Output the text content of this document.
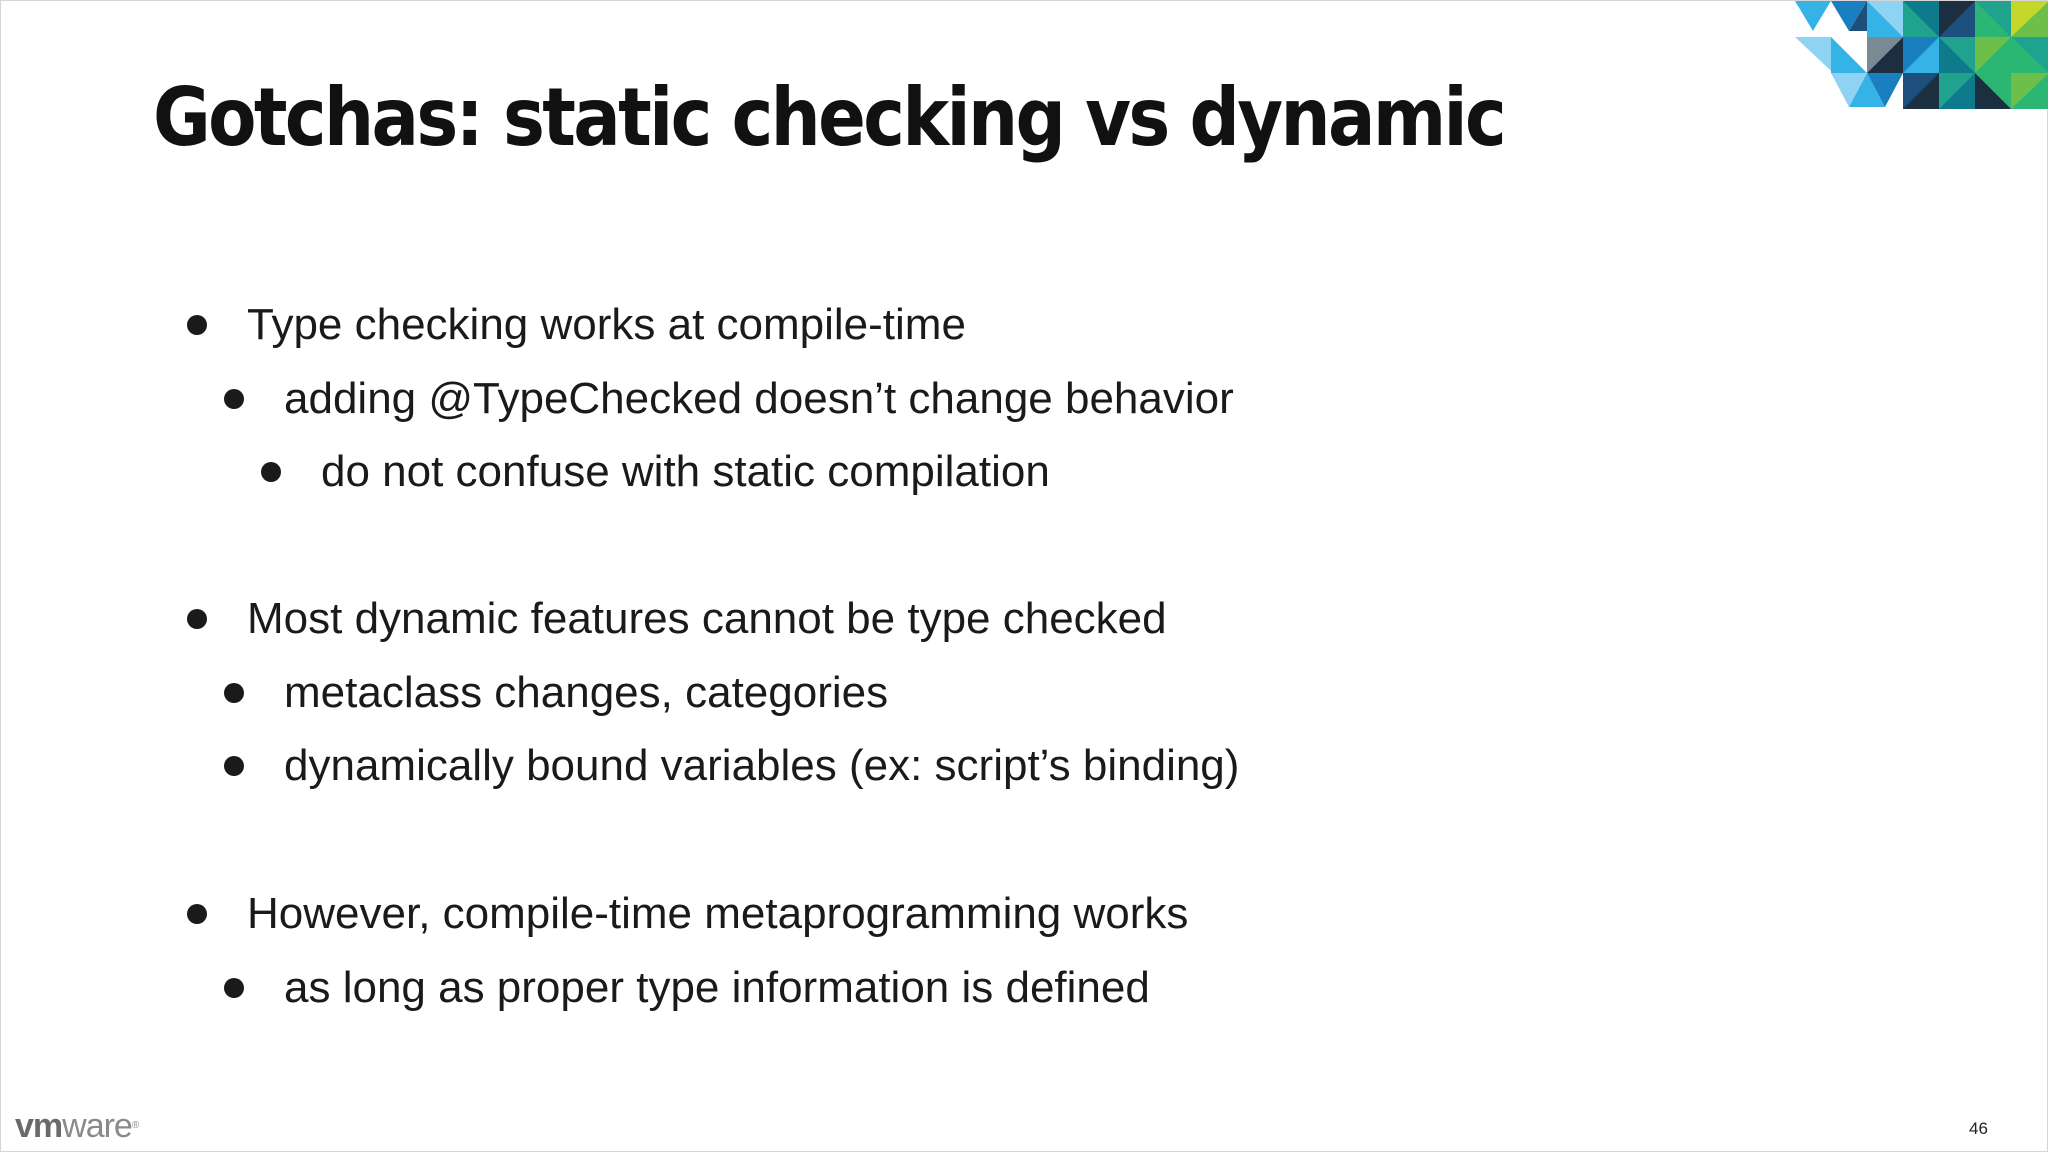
Gotchas: static checking vs dynamic
Type checking works at compile-time
adding @TypeChecked doesn’t change behavior
do not confuse with static compilation
Most dynamic features cannot be type checked
metaclass changes, categories
dynamically bound variables (ex: script’s binding)
However, compile-time metaprogramming works
as long as proper type information is defined
vmware®	46
